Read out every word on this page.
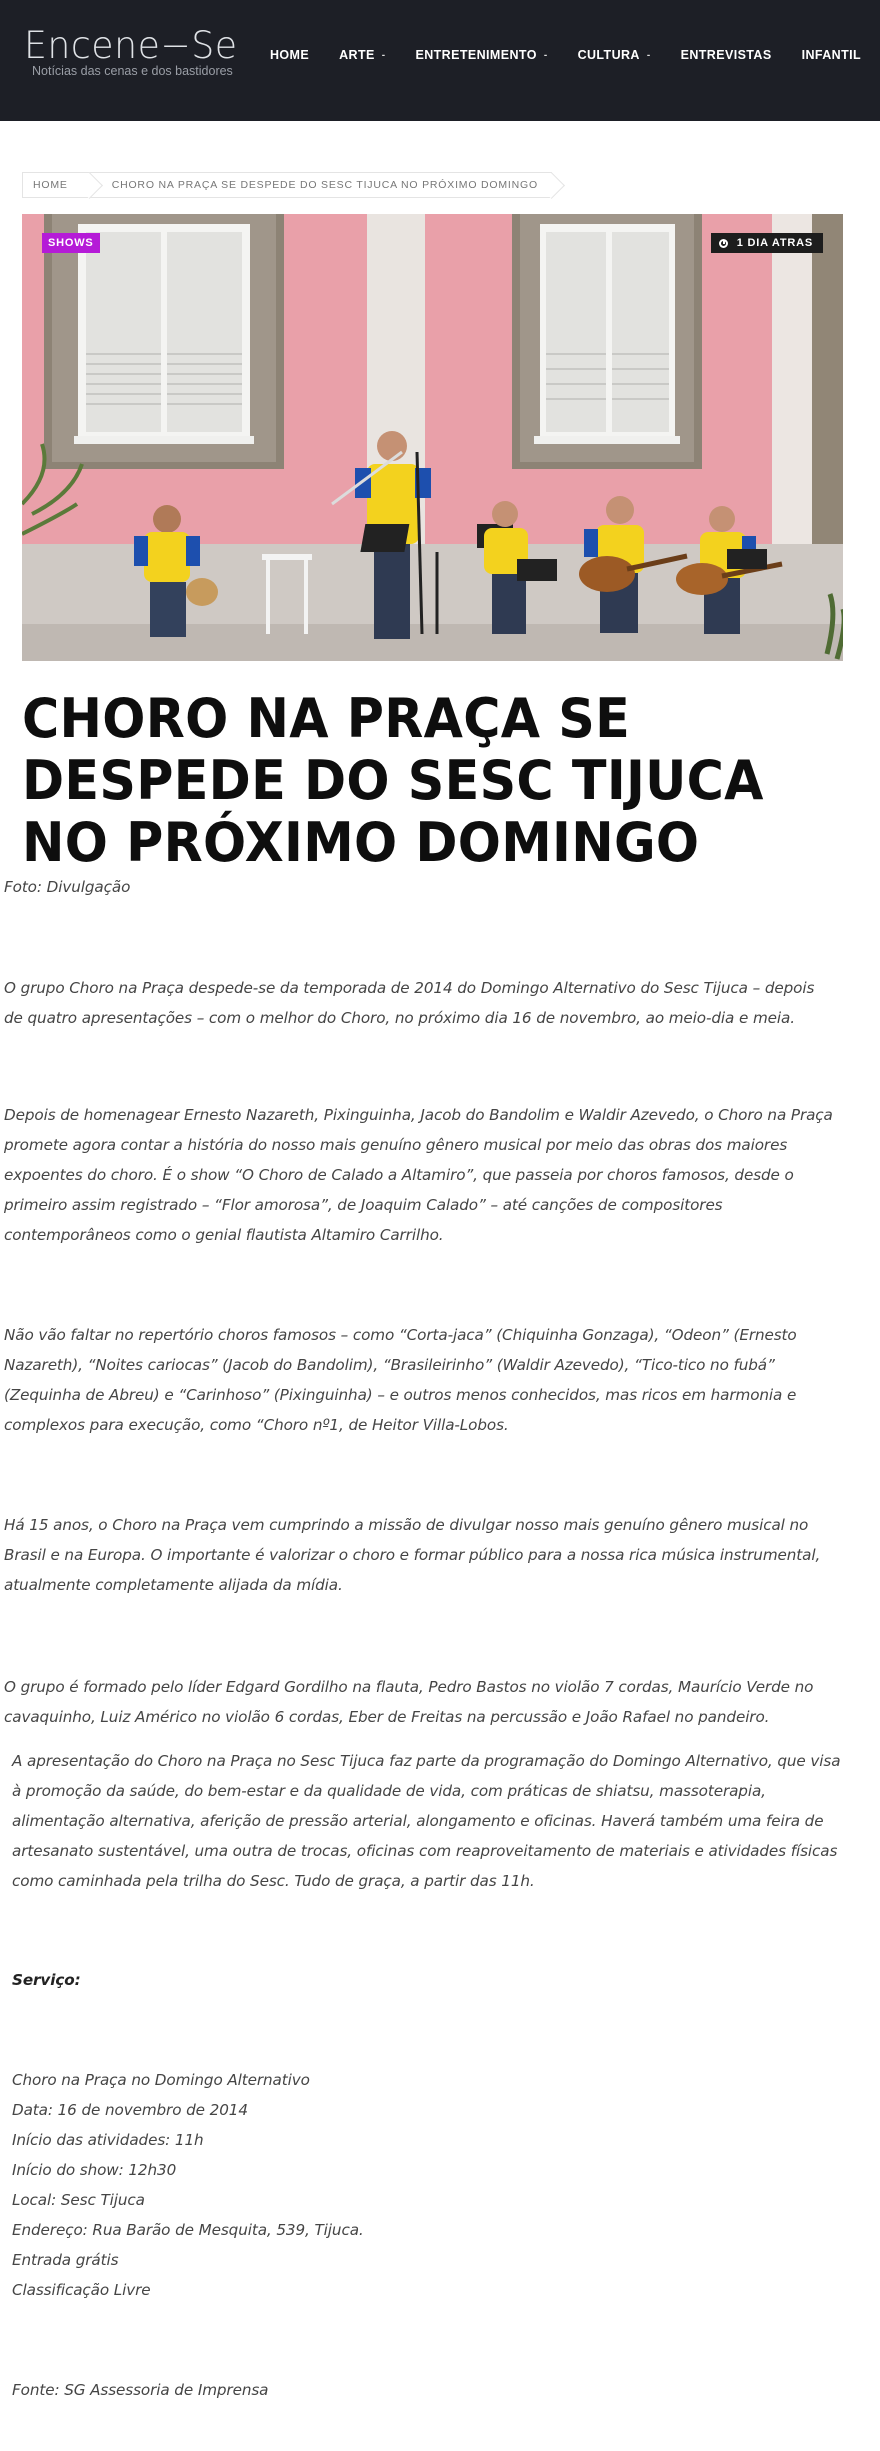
Encene−Se
Notícias das cenas e dos bastidores
HOME ARTE - ENTRETENIMENTO - CULTURA - ENTREVISTAS INFANTIL
HOME	CHORO NA PRAÇA SE DESPEDE DO SESC TIJUCA NO PRÓXIMO DOMINGO
SHOWS	1 DIA ATRAS
CHORO NA PRAÇA SE DESPEDE DO SESC TIJUCA NO PRÓXIMO DOMINGO

Foto: Divulgação

O grupo Choro na Praça despede-se da temporada de 2014 do Domingo Alternativo do Sesc Tijuca – depois de quatro apresentações – com o melhor do Choro, no próximo dia 16 de novembro, ao meio-dia e meia.

Depois de homenagear Ernesto Nazareth, Pixinguinha, Jacob do Bandolim e Waldir Azevedo, o Choro na Praça promete agora contar a história do nosso mais genuíno gênero musical por meio das obras dos maiores expoentes do choro. É o show “O Choro de Calado a Altamiro”, que passeia por choros famosos, desde o primeiro assim registrado – “Flor amorosa”, de Joaquim Calado” – até canções de compositores contemporâneos como o genial flautista Altamiro Carrilho.

Não vão faltar no repertório choros famosos – como “Corta-jaca” (Chiquinha Gonzaga), “Odeon” (Ernesto Nazareth), “Noites cariocas” (Jacob do Bandolim), “Brasileirinho” (Waldir Azevedo), “Tico-tico no fubá” (Zequinha de Abreu) e “Carinhoso” (Pixinguinha) – e outros menos conhecidos, mas ricos em harmonia e complexos para execução, como “Choro nº1, de Heitor Villa-Lobos.

Há 15 anos, o Choro na Praça vem cumprindo a missão de divulgar nosso mais genuíno gênero musical no Brasil e na Europa. O importante é valorizar o choro e formar público para a nossa rica música instrumental, atualmente completamente alijada da mídia.

O grupo é formado pelo líder Edgard Gordilho na flauta, Pedro Bastos no violão 7 cordas, Maurício Verde no cavaquinho, Luiz Américo no violão 6 cordas, Eber de Freitas na percussão e João Rafael no pandeiro.

A apresentação do Choro na Praça no Sesc Tijuca faz parte da programação do Domingo Alternativo, que visa à promoção da saúde, do bem-estar e da qualidade de vida, com práticas de shiatsu, massoterapia, alimentação alternativa, aferição de pressão arterial, alongamento e oficinas. Haverá também uma feira de artesanato sustentável, uma outra de trocas, oficinas com reaproveitamento de materiais e atividades físicas como caminhada pela trilha do Sesc. Tudo de graça, a partir das 11h.

Serviço:

Choro na Praça no Domingo Alternativo

Data: 16 de novembro de 2014

Início das atividades: 11h

Início do show: 12h30

Local: Sesc Tijuca

Endereço: Rua Barão de Mesquita, 539, Tijuca.

Entrada grátis

Classificação Livre

Fonte: SG Assessoria de Imprensa
